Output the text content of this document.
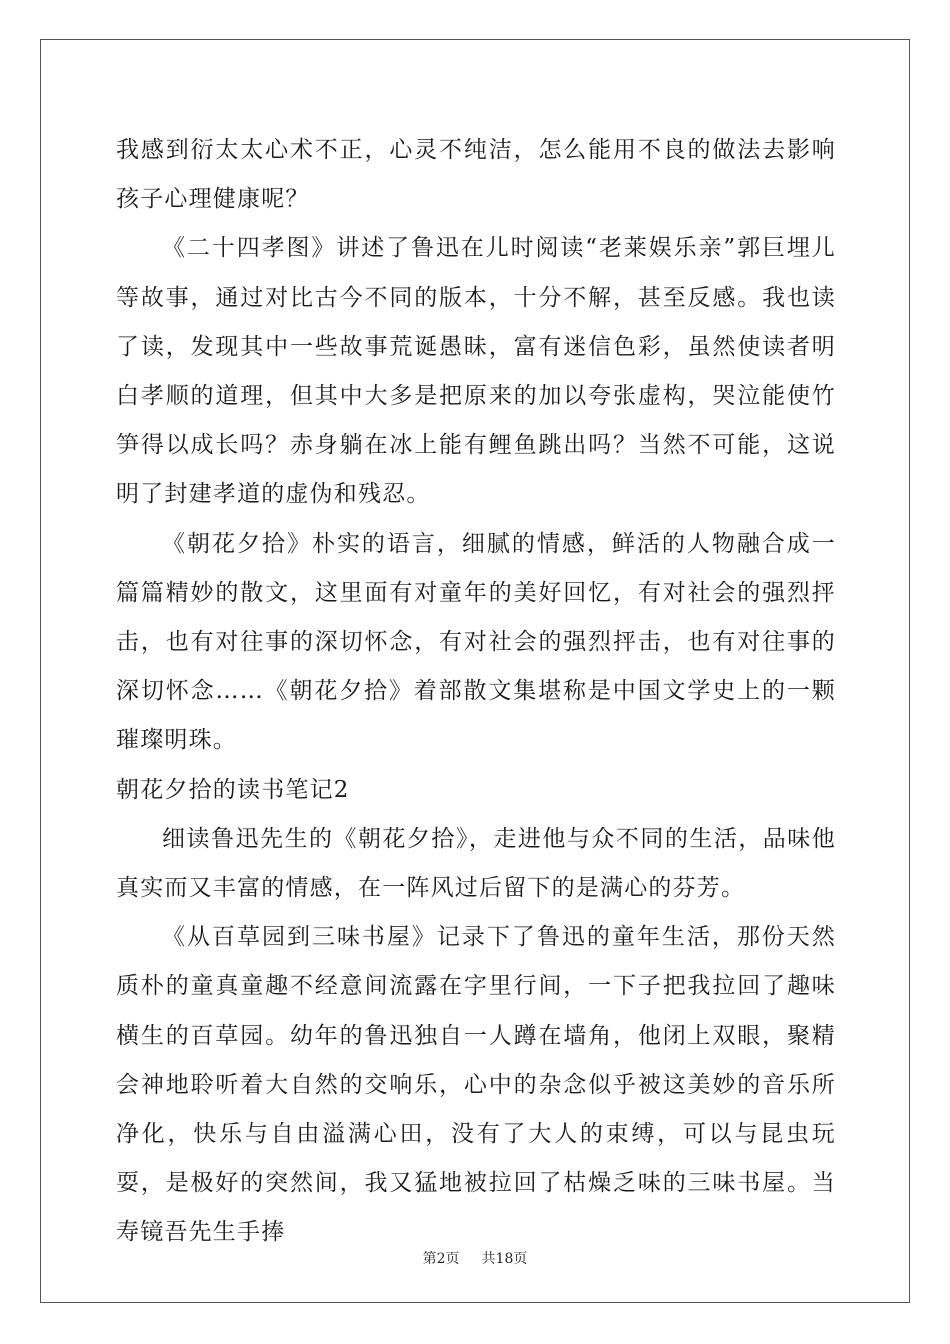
我感到衍太太心术不正，心灵不纯洁，怎么能用不良的做法去影响孩子心理健康呢？

《二十四孝图》讲述了鲁迅在儿时阅读“老莱娱乐亲”郭巨埋儿等故事，通过对比古今不同的版本，十分不解，甚至反感。我也读了读，发现其中一些故事荒诞愚昧，富有迷信色彩，虽然使读者明白孝顺的道理，但其中大多是把原来的加以夸张虚构，哭泣能使竹笋得以成长吗？赤身躺在冰上能有鲤鱼跳出吗？当然不可能，这说明了封建孝道的虚伪和残忍。

《朝花夕拾》朴实的语言，细腻的情感，鲜活的人物融合成一篇篇精妙的散文，这里面有对童年的美好回忆，有对社会的强烈抨击，也有对往事的深切怀念，有对社会的强烈抨击，也有对往事的深切怀念……《朝花夕拾》着部散文集堪称是中国文学史上的一颗璀璨明珠。

朝花夕拾的读书笔记2

细读鲁迅先生的《朝花夕拾》，走进他与众不同的生活，品味他真实而又丰富的情感，在一阵风过后留下的是满心的芬芳。

《从百草园到三味书屋》记录下了鲁迅的童年生活，那份天然质朴的童真童趣不经意间流露在字里行间，一下子把我拉回了趣味横生的百草园。幼年的鲁迅独自一人蹲在墙角，他闭上双眼，聚精会神地聆听着大自然的交响乐，心中的杂念似乎被这美妙的音乐所净化，快乐与自由溢满心田，没有了大人的束缚，可以与昆虫玩耍，是极好的突然间，我又猛地被拉回了枯燥乏味的三味书屋。当寿镜吾先生手捧

第2页 共18页
